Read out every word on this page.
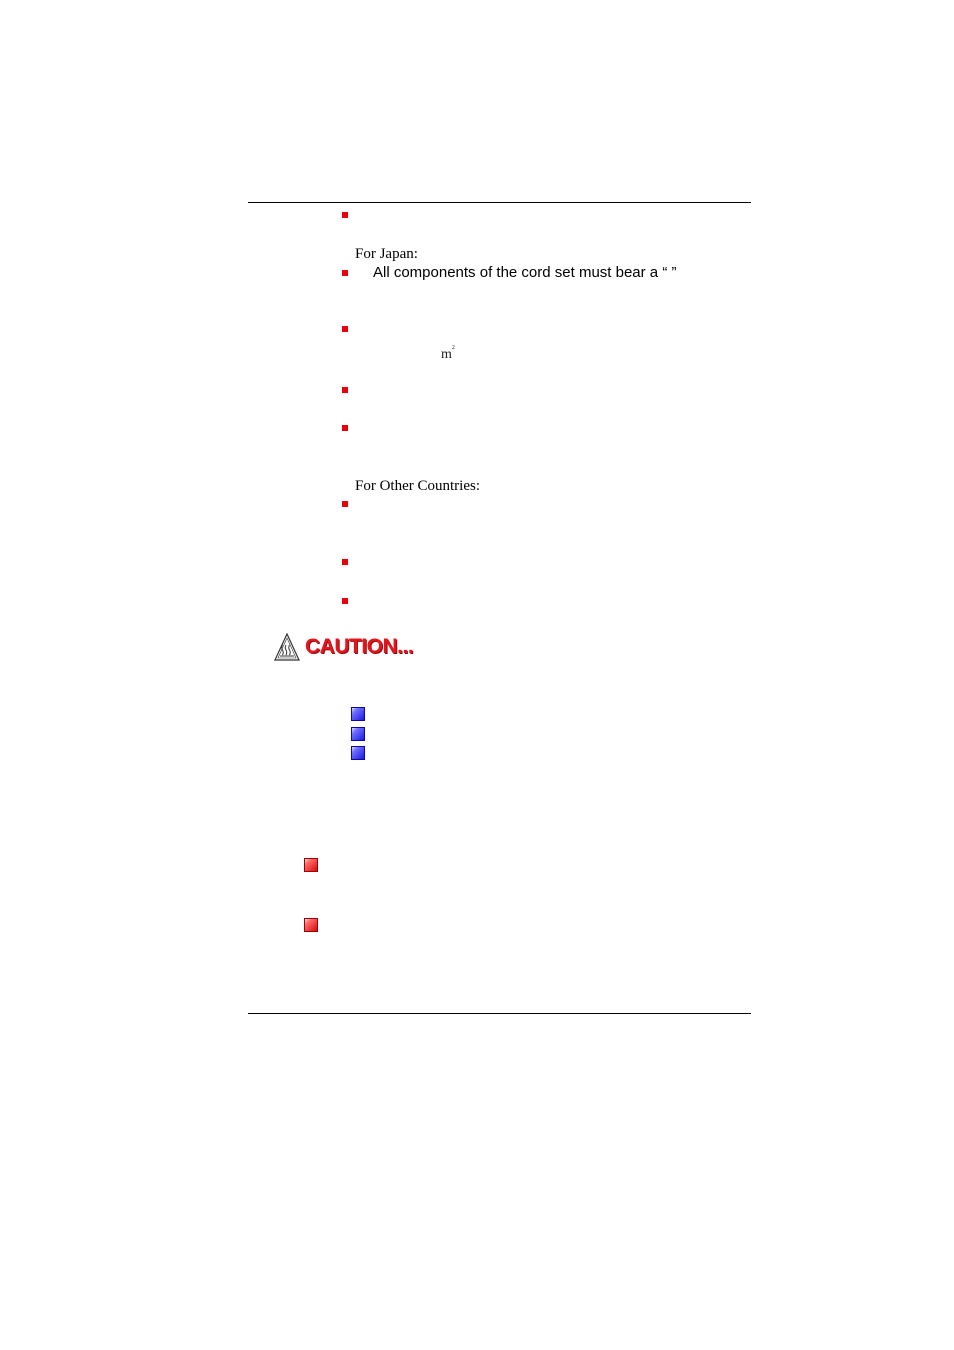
For Japan:
All components of the cord set must bear a “ ”
$m^2$
For Other Countries:
CAUTION...
